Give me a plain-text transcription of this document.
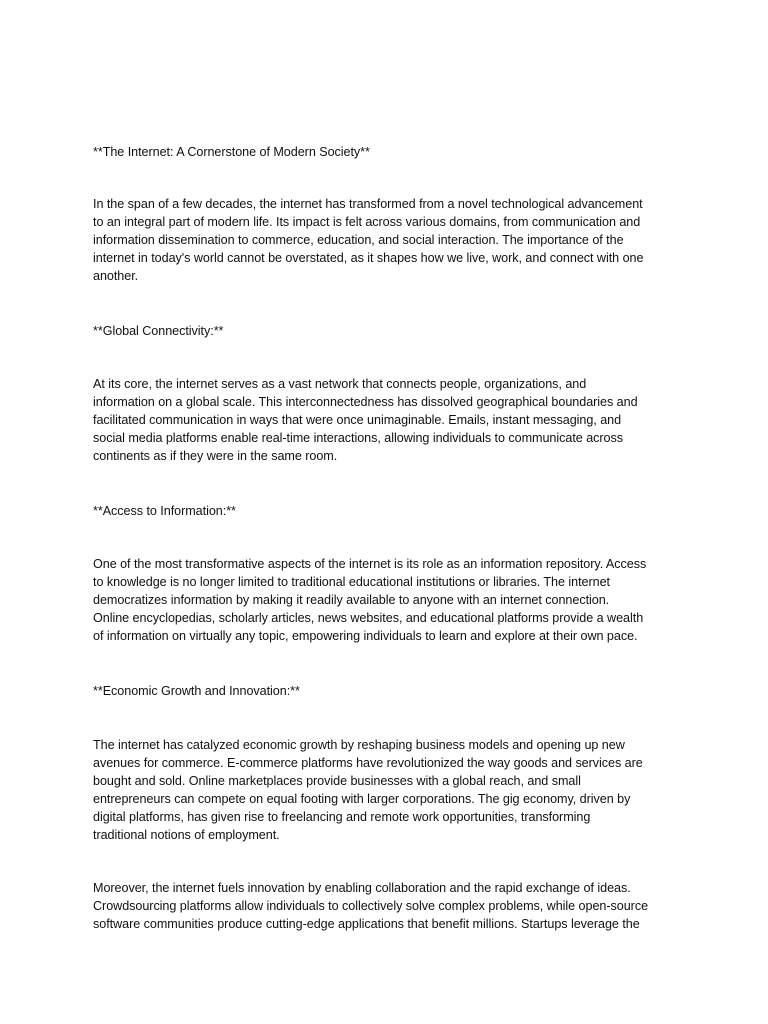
**The Internet: A Cornerstone of Modern Society**
In the span of a few decades, the internet has transformed from a novel technological advancement
to an integral part of modern life. Its impact is felt across various domains, from communication and
information dissemination to commerce, education, and social interaction. The importance of the
internet in today's world cannot be overstated, as it shapes how we live, work, and connect with one
another.
**Global Connectivity:**
At its core, the internet serves as a vast network that connects people, organizations, and
information on a global scale. This interconnectedness has dissolved geographical boundaries and
facilitated communication in ways that were once unimaginable. Emails, instant messaging, and
social media platforms enable real-time interactions, allowing individuals to communicate across
continents as if they were in the same room.
**Access to Information:**
One of the most transformative aspects of the internet is its role as an information repository. Access
to knowledge is no longer limited to traditional educational institutions or libraries. The internet
democratizes information by making it readily available to anyone with an internet connection.
Online encyclopedias, scholarly articles, news websites, and educational platforms provide a wealth
of information on virtually any topic, empowering individuals to learn and explore at their own pace.
**Economic Growth and Innovation:**
The internet has catalyzed economic growth by reshaping business models and opening up new
avenues for commerce. E-commerce platforms have revolutionized the way goods and services are
bought and sold. Online marketplaces provide businesses with a global reach, and small
entrepreneurs can compete on equal footing with larger corporations. The gig economy, driven by
digital platforms, has given rise to freelancing and remote work opportunities, transforming
traditional notions of employment.
Moreover, the internet fuels innovation by enabling collaboration and the rapid exchange of ideas.
Crowdsourcing platforms allow individuals to collectively solve complex problems, while open-source
software communities produce cutting-edge applications that benefit millions. Startups leverage the
